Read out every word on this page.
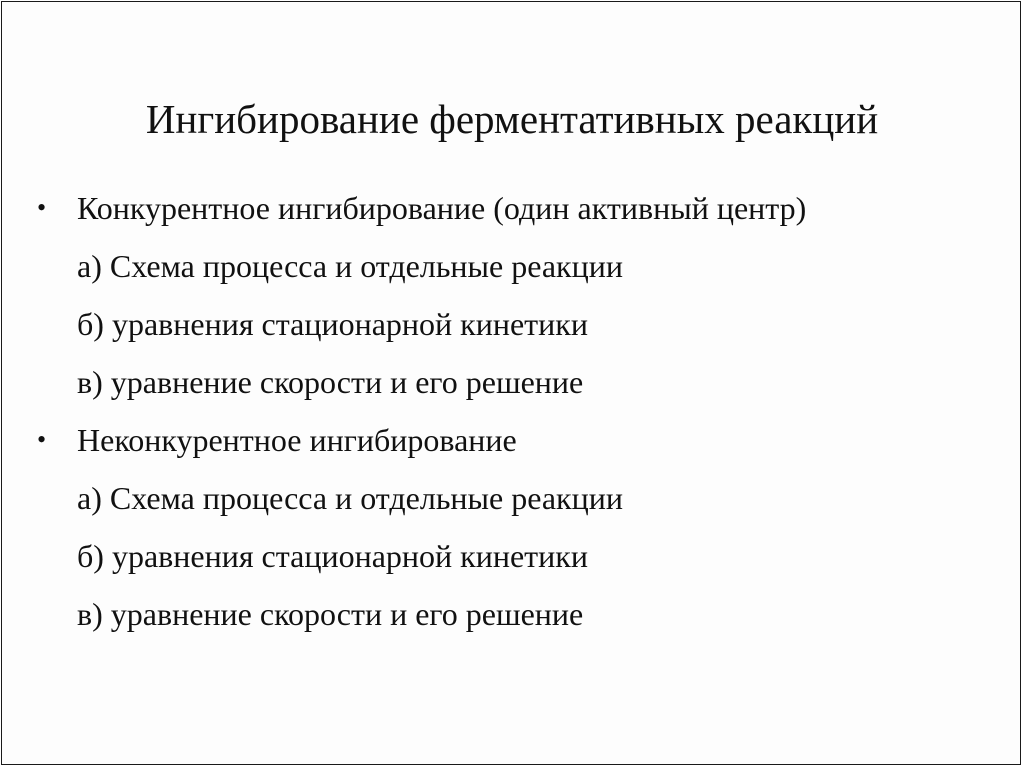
Ингибирование ферментативных реакций
• Конкурентное ингибирование (один активный центр)
а) Схема процесса и отдельные реакции
б) уравнения стационарной кинетики
в) уравнение скорости и его решение
• Неконкурентное ингибирование
а) Схема процесса и отдельные реакции
б) уравнения стационарной кинетики
в) уравнение скорости и его решение
